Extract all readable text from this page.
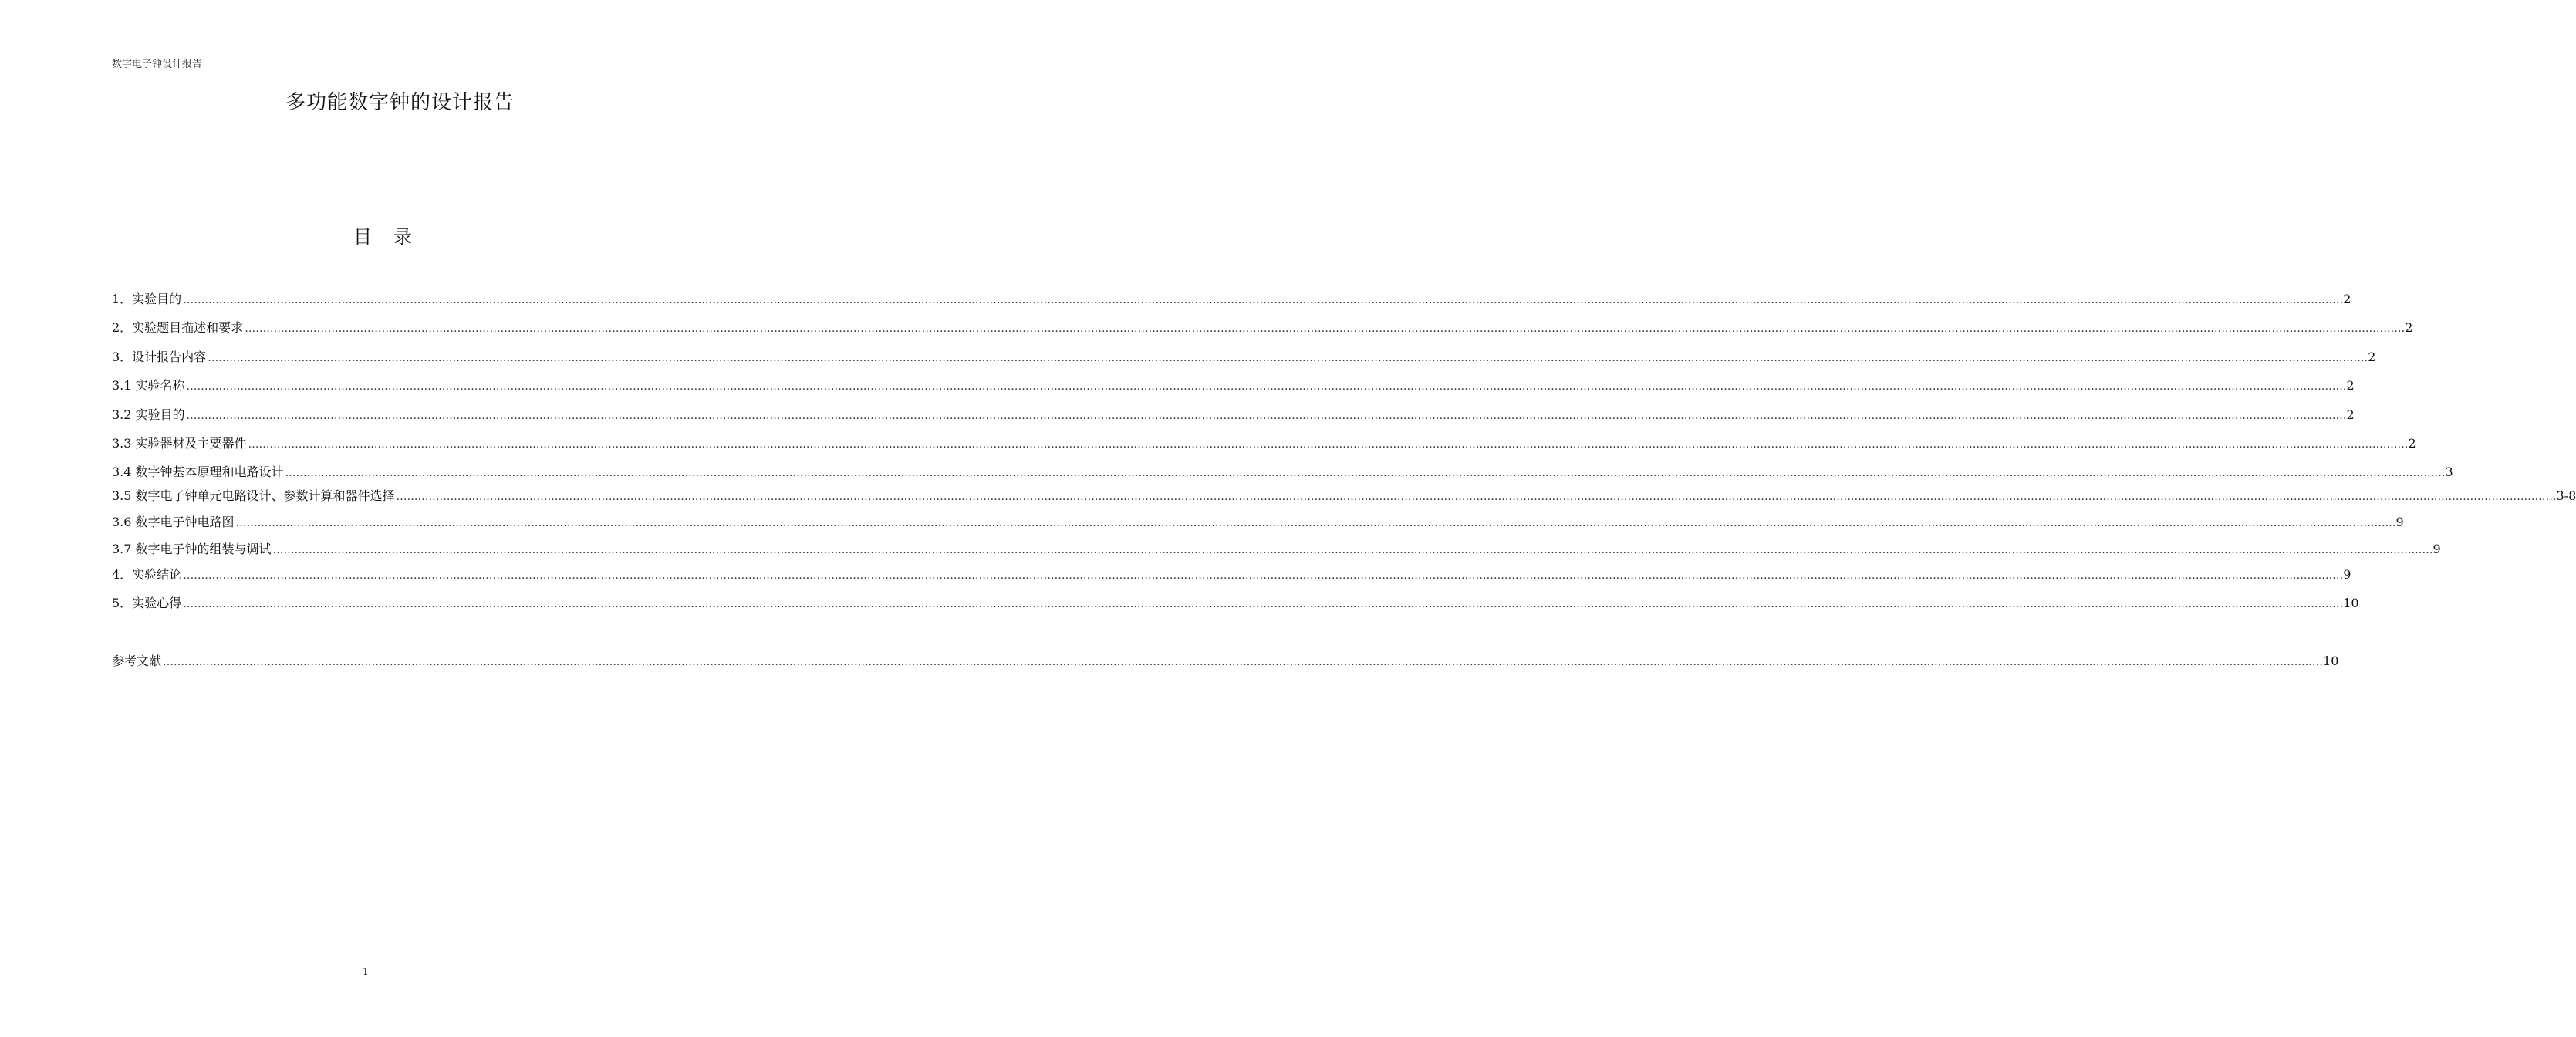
数字电子钟设计报告
多功能数字钟的设计报告
目 录
1．实验目的 …………………………………………………………………………………………………………………………………………………………………………………………………………………………………………………………………………………………………………………………………………………………………………………………………………………………………………………………………………………………………………………………………………………… 2
2．实验题目描述和要求 …………………………………………………………………………………………………………………………………………………………………………………………………………………………………………………………………………………………………………………………………………………………………………………………………………………………………………………………………………………………………………………………………………………… 2
3．设计报告内容 …………………………………………………………………………………………………………………………………………………………………………………………………………………………………………………………………………………………………………………………………………………………………………………………………………………………………………………………………………………………………………………………………………………… 2
3.1 实验名称 …………………………………………………………………………………………………………………………………………………………………………………………………………………………………………………………………………………………………………………………………………………………………………………………………………………………………………………………………………………………………………………………………………………… 2
3.2 实验目的 …………………………………………………………………………………………………………………………………………………………………………………………………………………………………………………………………………………………………………………………………………………………………………………………………………………………………………………………………………………………………………………………………………………… 2
3.3 实验器材及主要器件 …………………………………………………………………………………………………………………………………………………………………………………………………………………………………………………………………………………………………………………………………………………………………………………………………………………………………………………………………………………………………………………………………………………… 2
3.4 数字钟基本原理和电路设计 …………………………………………………………………………………………………………………………………………………………………………………………………………………………………………………………………………………………………………………………………………………………………………………………………………………………………………………………………………………………………………………………………………………… 3
3.5 数字电子钟单元电路设计、参数计算和器件选择 …………………………………………………………………………………………………………………………………………………………………………………………………………………………………………………………………………………………………………………………………………………………………………………………………………………………………………………………………………………………………………………………………………………… 3-8
3.6 数字电子钟电路图 …………………………………………………………………………………………………………………………………………………………………………………………………………………………………………………………………………………………………………………………………………………………………………………………………………………………………………………………………………………………………………………………………………………… 9
3.7 数字电子钟的组装与调试 …………………………………………………………………………………………………………………………………………………………………………………………………………………………………………………………………………………………………………………………………………………………………………………………………………………………………………………………………………………………………………………………………………………… 9
4．实验结论 …………………………………………………………………………………………………………………………………………………………………………………………………………………………………………………………………………………………………………………………………………………………………………………………………………………………………………………………………………………………………………………………………………………… 9
5．实验心得 …………………………………………………………………………………………………………………………………………………………………………………………………………………………………………………………………………………………………………………………………………………………………………………………………………………………………………………………………………………………………………………………………………………… 10
参考文献 …………………………………………………………………………………………………………………………………………………………………………………………………………………………………………………………………………………………………………………………………………………………………………………………………………………………………………………………………………………………………………………………………………………… 10
1
